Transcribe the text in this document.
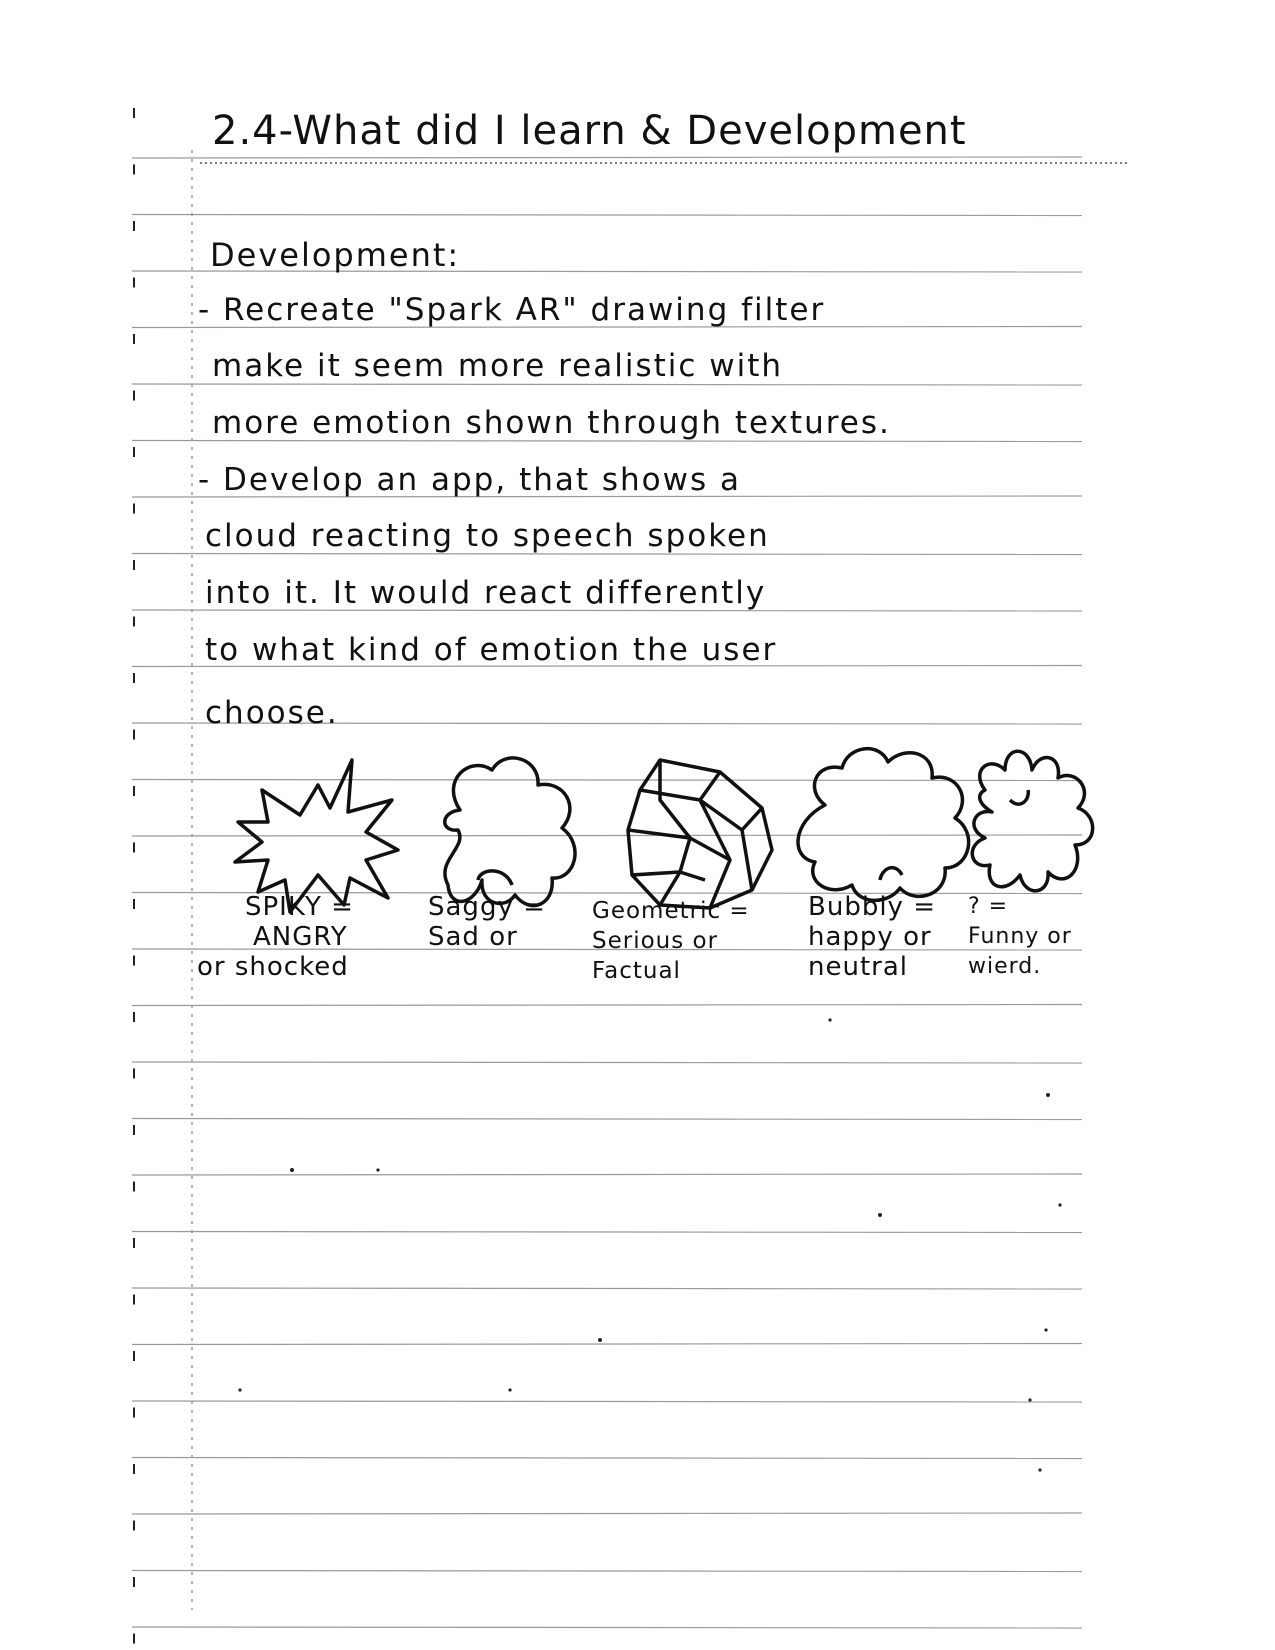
2.4-What did I learn & Development
Development:
- Recreate "Spark AR" drawing filter
make it seem more realistic with
more emotion shown through textures.
- Develop an app, that shows a
cloud reacting to speech spoken
into it. It would react differently
to what kind of emotion the user
choose.
SPIKY =
ANGRY
or shocked
Saggy =
Sad or
Geometric =
Serious or
Factual
Bubbly =
happy or
neutral
? =
Funny or
wierd.
